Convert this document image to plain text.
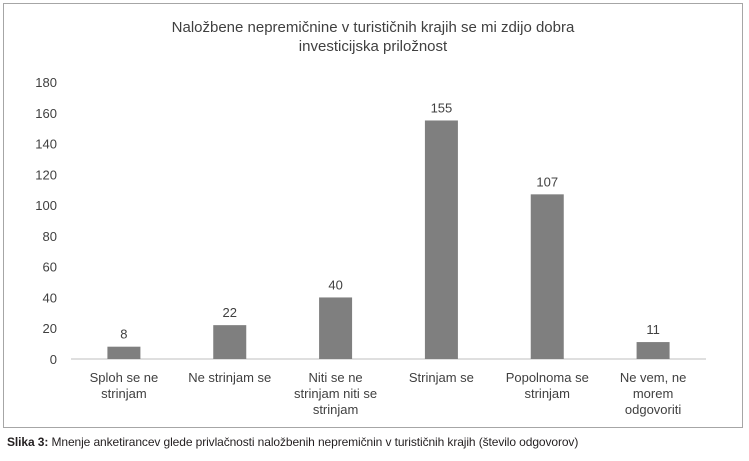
Naložbene nepremičnine v turističnih krajih se mi zdijo dobra
investicijska priložnost
0
20
40
60
80
100
120
140
160
180
8
Sploh se ne strinjam
22
Ne strinjam se
40
Niti se ne strinjam niti se strinjam
155
Strinjam se
107
Popolnoma se strinjam
11
Ne vem, ne morem odgovoriti
Slika 3: Mnenje anketirancev glede privlačnosti naložbenih nepremičnin v turističnih krajih (število odgovorov)
